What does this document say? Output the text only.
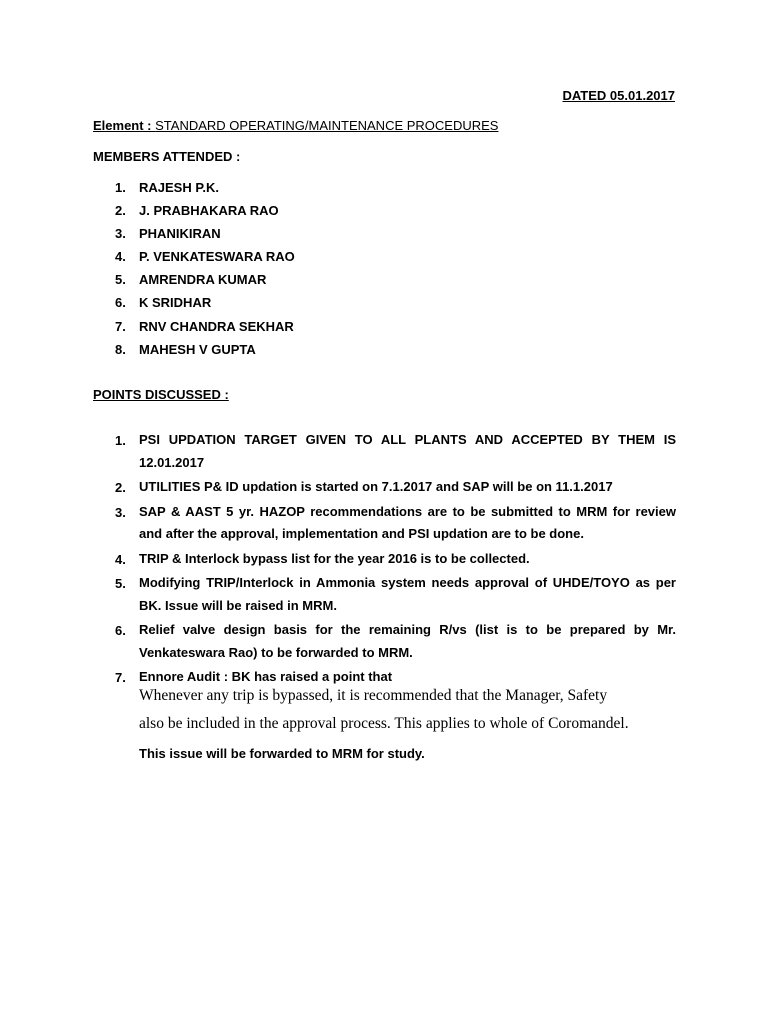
DATED 05.01.2017
Element : STANDARD OPERATING/MAINTENANCE PROCEDURES
MEMBERS ATTENDED :
1.	RAJESH P.K.
2.	J. PRABHAKARA RAO
3.	PHANIKIRAN
4.	P. VENKATESWARA RAO
5.	AMRENDRA KUMAR
6.	K SRIDHAR
7.	RNV CHANDRA SEKHAR
8.	MAHESH V GUPTA
POINTS DISCUSSED :
1.	PSI UPDATION TARGET GIVEN TO ALL PLANTS AND ACCEPTED BY THEM IS 12.01.2017
2.	UTILITIES P& ID updation is started on 7.1.2017 and SAP will be on 11.1.2017
3.	SAP & AAST 5 yr. HAZOP recommendations are to be submitted to MRM for review and after the approval, implementation and PSI updation are to be done.
4.	TRIP & Interlock bypass list for the year 2016 is to be collected.
5.	Modifying TRIP/Interlock in Ammonia system needs approval of UHDE/TOYO as per BK. Issue will be raised in MRM.
6.	Relief valve design basis for the remaining R/vs (list is to be prepared by Mr. Venkateswara Rao) to be forwarded to MRM.
7.	Ennore Audit : BK has raised a point that
Whenever any trip is bypassed, it is recommended that the Manager, Safety
also be included in the approval process. This applies to whole of Coromandel.
This issue will be forwarded to MRM for study.
